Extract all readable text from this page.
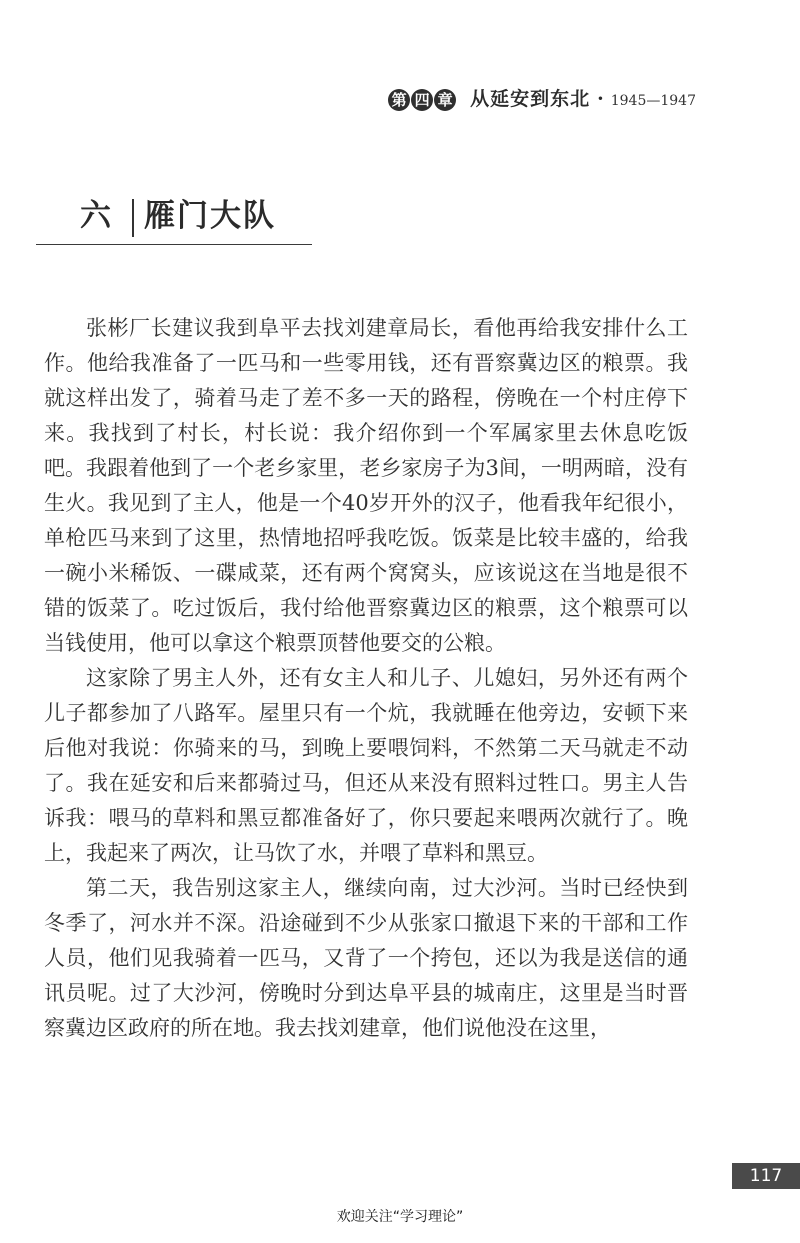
第 四 章 从延安到东北 · 1945—1947
六 雁门大队

张彬厂长建议我到阜平去找刘建章局长，看他再给我安排什么工作。他给我准备了一匹马和一些零用钱，还有晋察冀边区的粮票。我就这样出发了，骑着马走了差不多一天的路程，傍晚在一个村庄停下来。我找到了村长，村长说：我介绍你到一个军属家里去休息吃饭吧。我跟着他到了一个老乡家里，老乡家房子为3间，一明两暗，没有生火。我见到了主人，他是一个40岁开外的汉子，他看我年纪很小，单枪匹马来到了这里，热情地招呼我吃饭。饭菜是比较丰盛的，给我一碗小米稀饭、一碟咸菜，还有两个窝窝头，应该说这在当地是很不错的饭菜了。吃过饭后，我付给他晋察冀边区的粮票，这个粮票可以当钱使用，他可以拿这个粮票顶替他要交的公粮。

这家除了男主人外，还有女主人和儿子、儿媳妇，另外还有两个儿子都参加了八路军。屋里只有一个炕，我就睡在他旁边，安顿下来后他对我说：你骑来的马，到晚上要喂饲料，不然第二天马就走不动了。我在延安和后来都骑过马，但还从来没有照料过牲口。男主人告诉我：喂马的草料和黑豆都准备好了，你只要起来喂两次就行了。晚上，我起来了两次，让马饮了水，并喂了草料和黑豆。

第二天，我告别这家主人，继续向南，过大沙河。当时已经快到冬季了，河水并不深。沿途碰到不少从张家口撤退下来的干部和工作人员，他们见我骑着一匹马，又背了一个挎包，还以为我是送信的通讯员呢。过了大沙河，傍晚时分到达阜平县的城南庄，这里是当时晋察冀边区政府的所在地。我去找刘建章，他们说他没在这里，

117
欢迎关注“学习理论”
